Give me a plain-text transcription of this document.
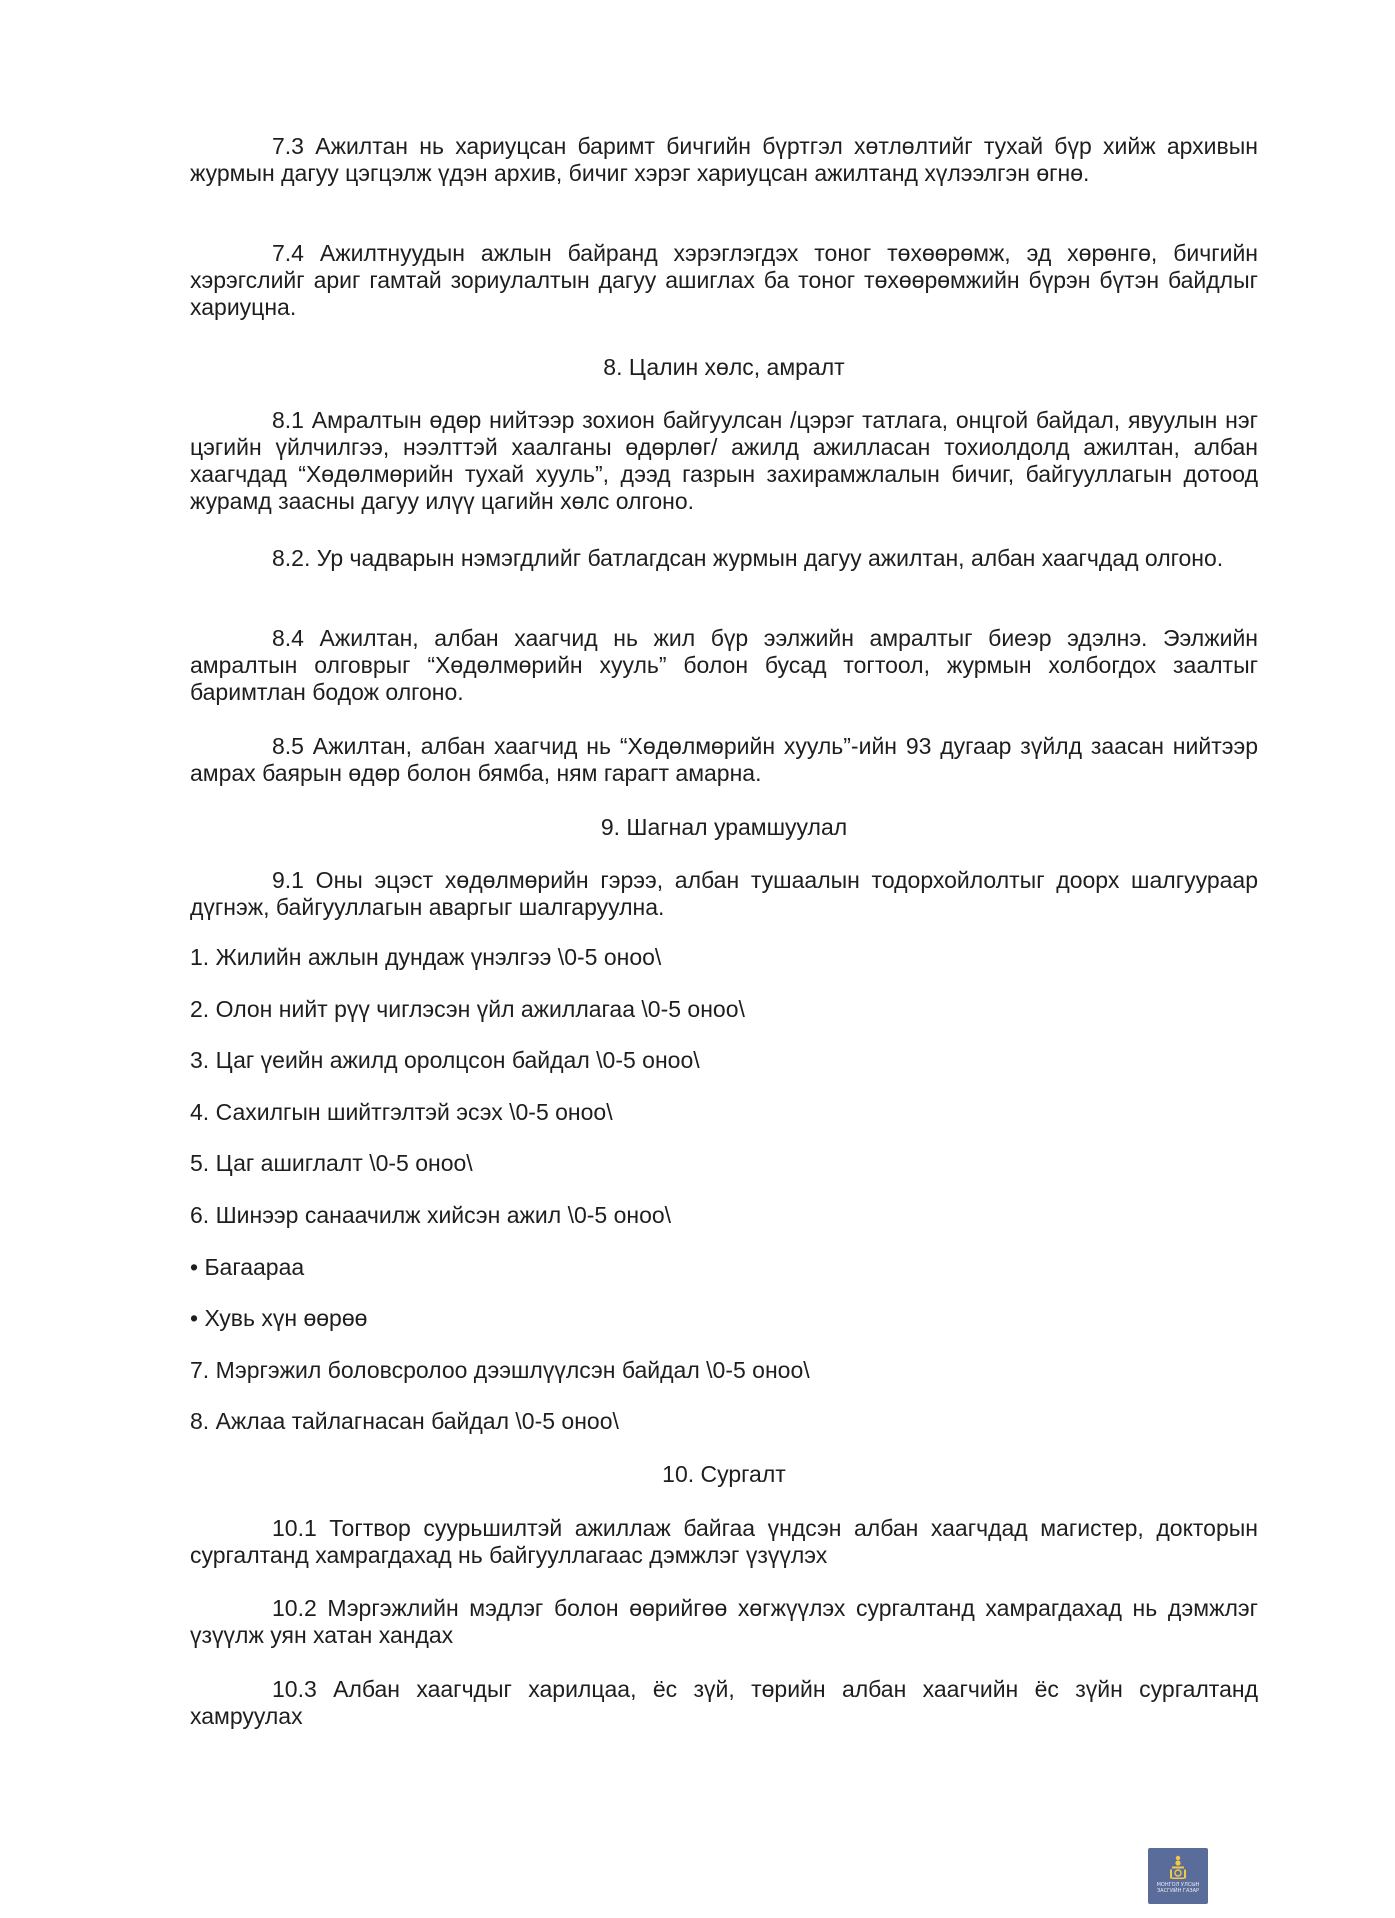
7.3 Ажилтан нь хариуцсан баримт бичгийн бүртгэл хөтлөлтийг тухай бүр хийж архивын журмын дагуу цэгцэлж үдэн архив, бичиг хэрэг хариуцсан ажилтанд хүлээлгэн өгнө.

7.4 Ажилтнуудын ажлын байранд хэрэглэгдэх тоног төхөөрөмж, эд хөрөнгө, бичгийн хэрэгслийг ариг гамтай зориулалтын дагуу ашиглах ба тоног төхөөрөмжийн бүрэн бүтэн байдлыг хариуцна.

8. Цалин хөлс, амралт

8.1 Амралтын өдөр нийтээр зохион байгуулсан /цэрэг татлага, онцгой байдал, явуулын нэг цэгийн үйлчилгээ, нээлттэй хаалганы өдөрлөг/ ажилд ажилласан тохиолдолд ажилтан, албан хаагчдад “Хөдөлмөрийн тухай хууль”, дээд газрын захирамжлалын бичиг, байгууллагын дотоод журамд заасны дагуу илүү цагийн хөлс олгоно.

8.2. Ур чадварын нэмэгдлийг батлагдсан журмын дагуу ажилтан, албан хаагчдад олгоно.

8.4 Ажилтан, албан хаагчид нь жил бүр ээлжийн амралтыг биеэр эдэлнэ. Ээлжийн амралтын олговрыг “Хөдөлмөрийн хууль” болон бусад тогтоол, журмын холбогдох заалтыг баримтлан бодож олгоно.

8.5 Ажилтан, албан хаагчид нь “Хөдөлмөрийн хууль”-ийн 93 дугаар зүйлд заасан нийтээр амрах баярын өдөр болон бямба, ням гарагт амарна.

9. Шагнал урамшуулал

9.1 Оны эцэст хөдөлмөрийн гэрээ, албан тушаалын тодорхойлолтыг доорх шалгуураар дүгнэж, байгууллагын аваргыг шалгаруулна.

1. Жилийн ажлын дундаж үнэлгээ \0-5 оноо\

2. Олон нийт рүү чиглэсэн үйл ажиллагаа \0-5 оноо\

3. Цаг үеийн ажилд оролцсон байдал \0-5 оноо\

4. Сахилгын шийтгэлтэй эсэх \0-5 оноо\

5. Цаг ашиглалт \0-5 оноо\

6. Шинээр санаачилж хийсэн ажил \0-5 оноо\

• Багаараа

• Хувь хүн өөрөө

7. Мэргэжил боловсролоо дээшлүүлсэн байдал \0-5 оноо\

8. Ажлаа тайлагнасан байдал \0-5 оноо\

10. Сургалт

10.1 Тогтвор суурьшилтэй ажиллаж байгаа үндсэн албан хаагчдад магистер, докторын сургалтанд хамрагдахад нь байгууллагаас дэмжлэг үзүүлэх

10.2 Мэргэжлийн мэдлэг болон өөрийгөө хөгжүүлэх сургалтанд хамрагдахад нь дэмжлэг үзүүлж уян хатан хандах

10.3 Албан хаагчдыг харилцаа, ёс зүй, төрийн албан хаагчийн ёс зүйн сургалтанд хамруулах

МОНГОЛ УЛСЫН
ЗАСГИЙН ГАЗАР
